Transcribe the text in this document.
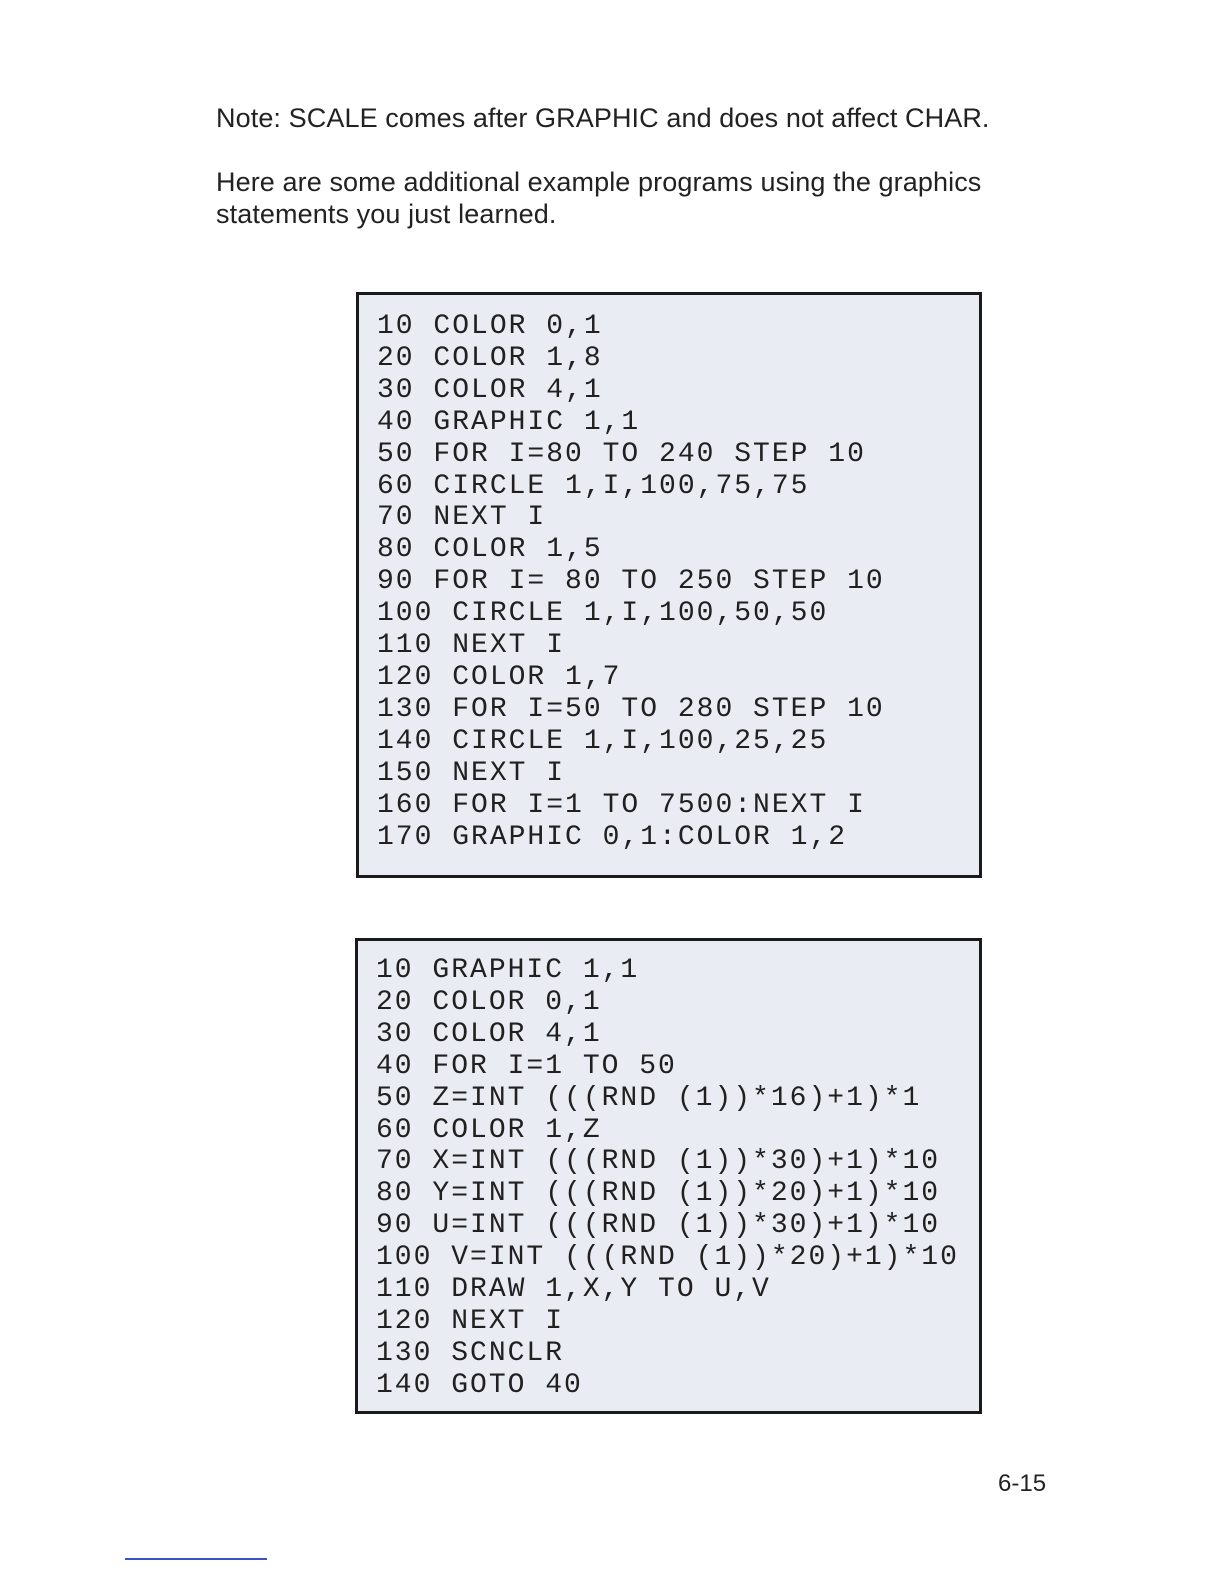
Note: SCALE comes after GRAPHIC and does not affect CHAR.

Here are some additional example programs using the graphics statements you just learned.

10 COLOR 0,1
20 COLOR 1,8
30 COLOR 4,1
40 GRAPHIC 1,1
50 FOR I=80 TO 240 STEP 10
60 CIRCLE 1,I,100,75,75
70 NEXT I
80 COLOR 1,5
90 FOR I= 80 TO 250 STEP 10
100 CIRCLE 1,I,100,50,50
110 NEXT I
120 COLOR 1,7
130 FOR I=50 TO 280 STEP 10
140 CIRCLE 1,I,100,25,25
150 NEXT I
160 FOR I=1 TO 7500:NEXT I
170 GRAPHIC 0,1:COLOR 1,2
10 GRAPHIC 1,1
20 COLOR 0,1
30 COLOR 4,1
40 FOR I=1 TO 50
50 Z=INT (((RND (1))*16)+1)*1
60 COLOR 1,Z
70 X=INT (((RND (1))*30)+1)*10
80 Y=INT (((RND (1))*20)+1)*10
90 U=INT (((RND (1))*30)+1)*10
100 V=INT (((RND (1))*20)+1)*10
110 DRAW 1,X,Y TO U,V
120 NEXT I
130 SCNCLR
140 GOTO 40
6-15
